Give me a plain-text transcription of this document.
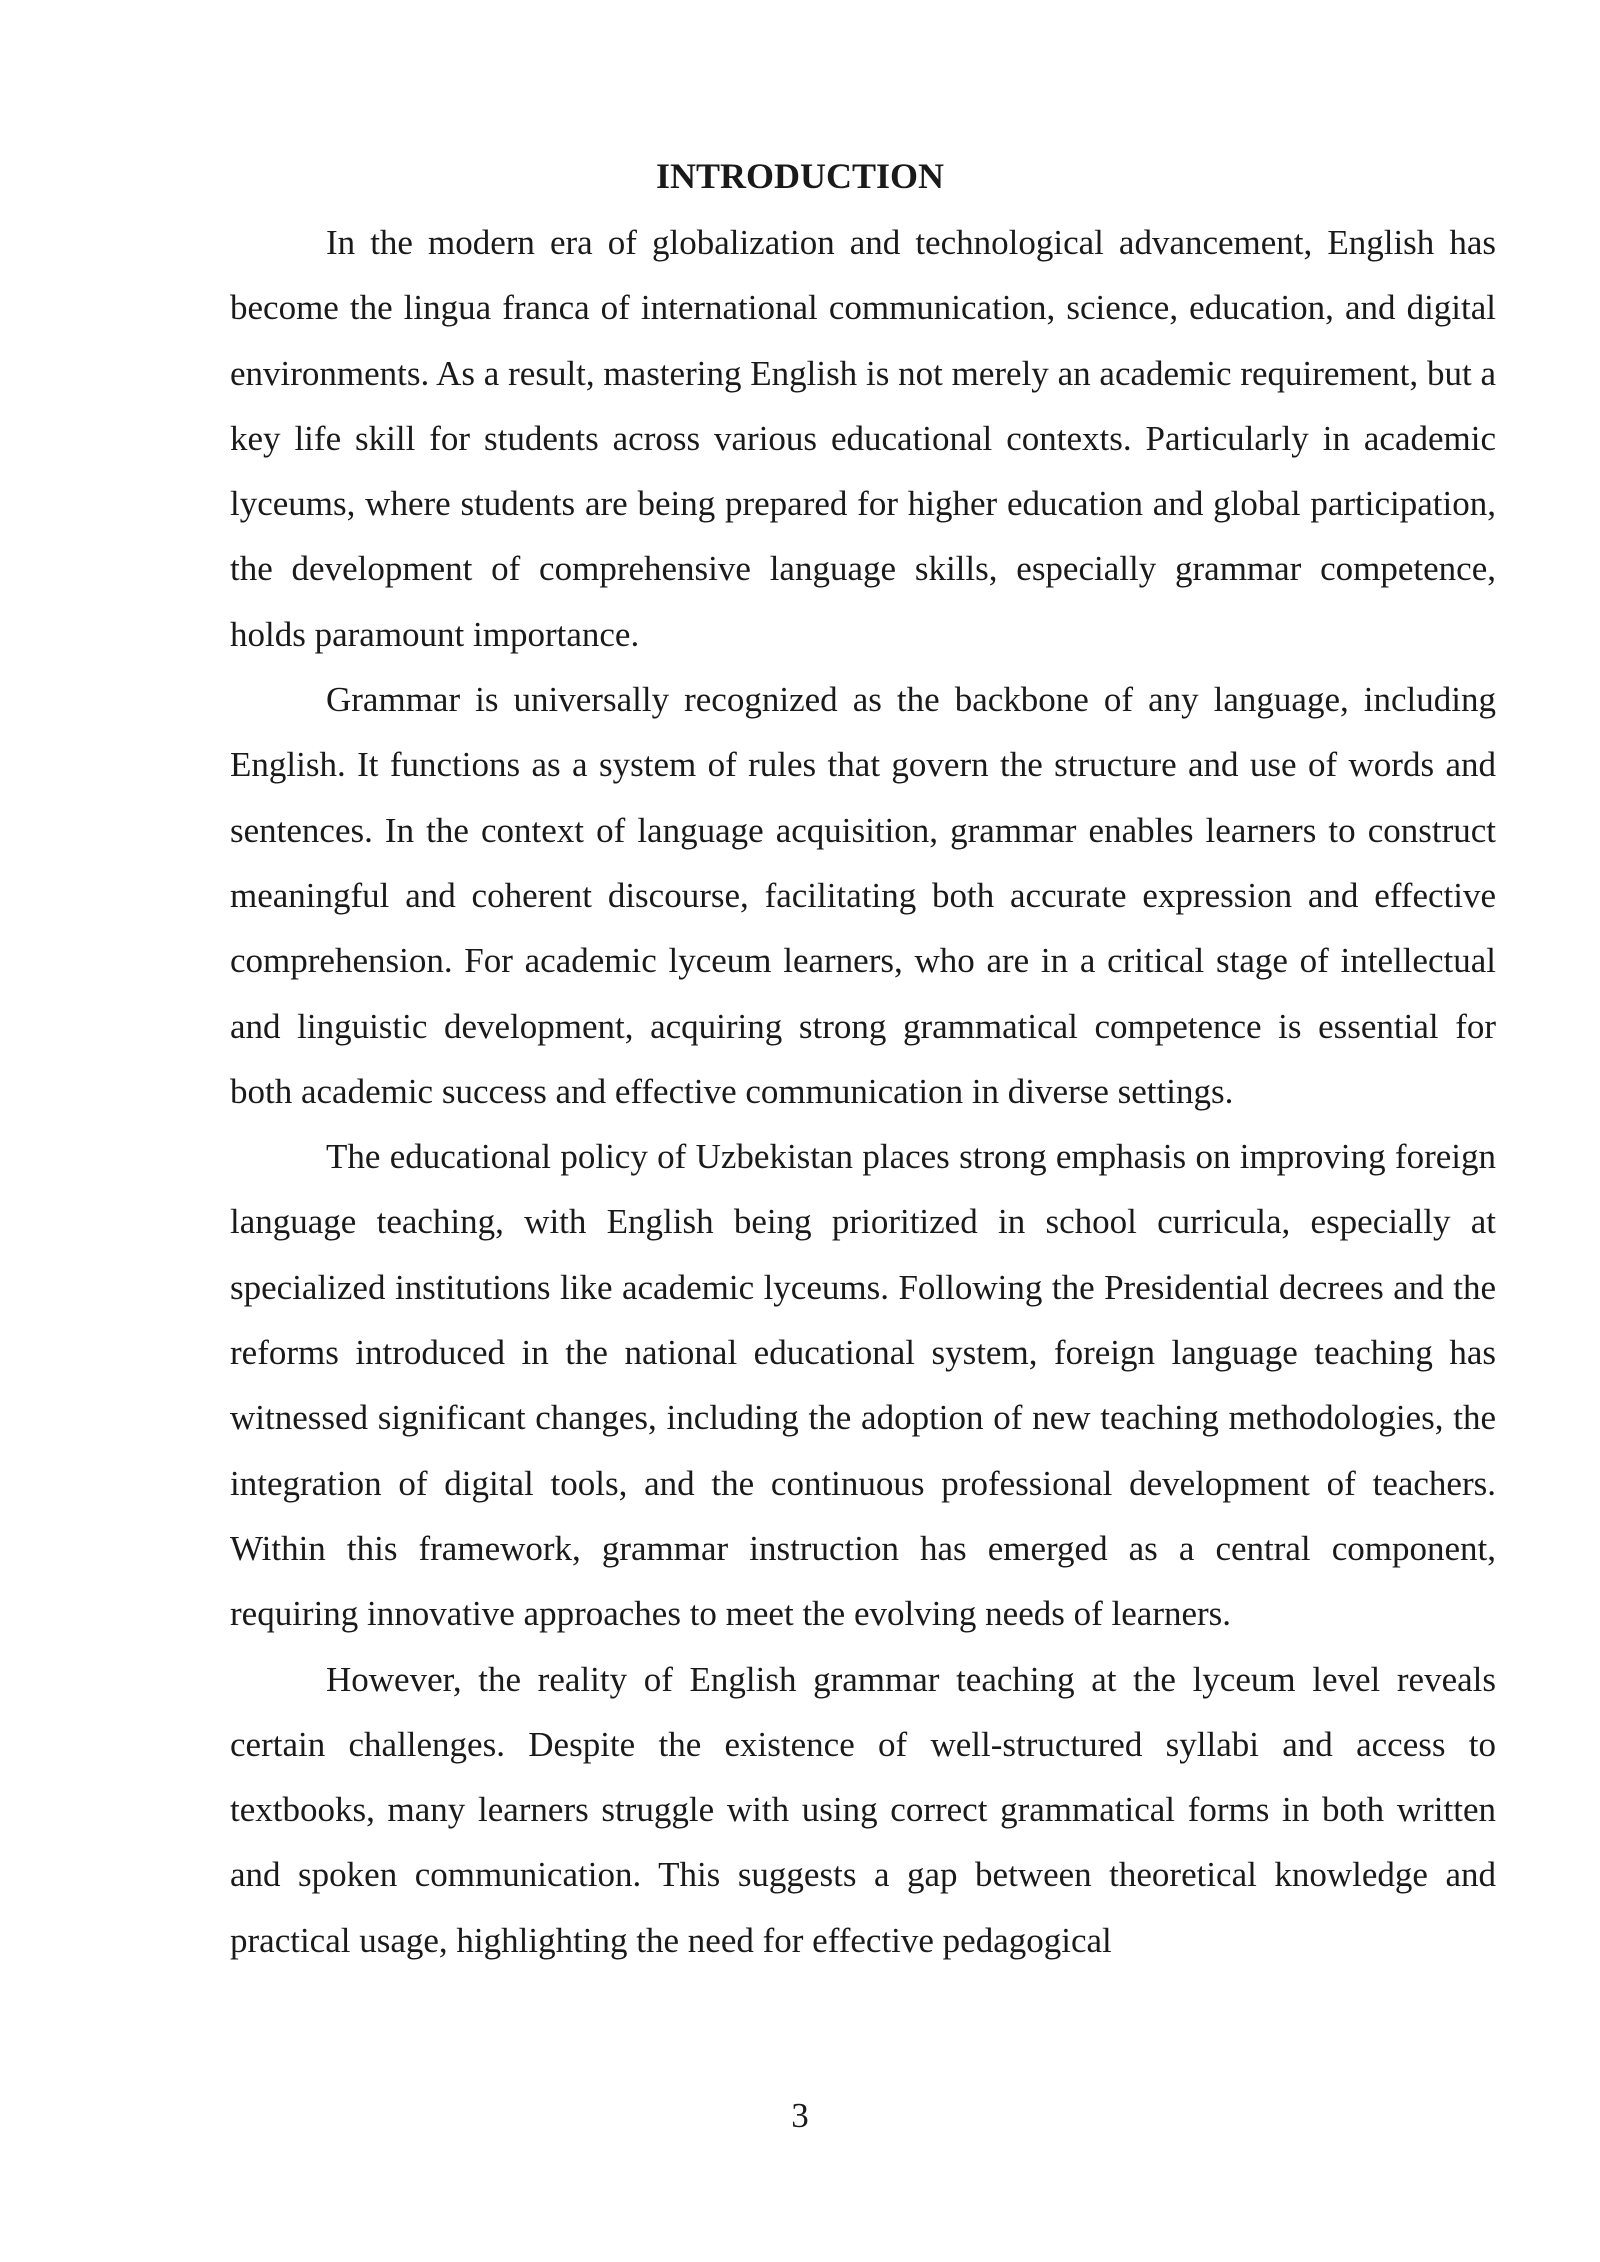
INTRODUCTION

In the modern era of globalization and technological advancement, English has become the lingua franca of international communication, science, education, and digital environments. As a result, mastering English is not merely an academic requirement, but a key life skill for students across various educational contexts. Particularly in academic lyceums, where students are being prepared for higher education and global participation, the development of comprehensive language skills, especially grammar competence, holds paramount importance.

Grammar is universally recognized as the backbone of any language, including English. It functions as a system of rules that govern the structure and use of words and sentences. In the context of language acquisition, grammar enables learners to construct meaningful and coherent discourse, facilitating both accurate expression and effective comprehension. For academic lyceum learners, who are in a critical stage of intellectual and linguistic development, acquiring strong grammatical competence is essential for both academic success and effective communication in diverse settings.

The educational policy of Uzbekistan places strong emphasis on improving foreign language teaching, with English being prioritized in school curricula, especially at specialized institutions like academic lyceums. Following the Presidential decrees and the reforms introduced in the national educational system, foreign language teaching has witnessed significant changes, including the adoption of new teaching methodologies, the integration of digital tools, and the continuous professional development of teachers. Within this framework, grammar instruction has emerged as a central component, requiring innovative approaches to meet the evolving needs of learners.

However, the reality of English grammar teaching at the lyceum level reveals certain challenges. Despite the existence of well-structured syllabi and access to textbooks, many learners struggle with using correct grammatical forms in both written and spoken communication. This suggests a gap between theoretical knowledge and practical usage, highlighting the need for effective pedagogical

3
